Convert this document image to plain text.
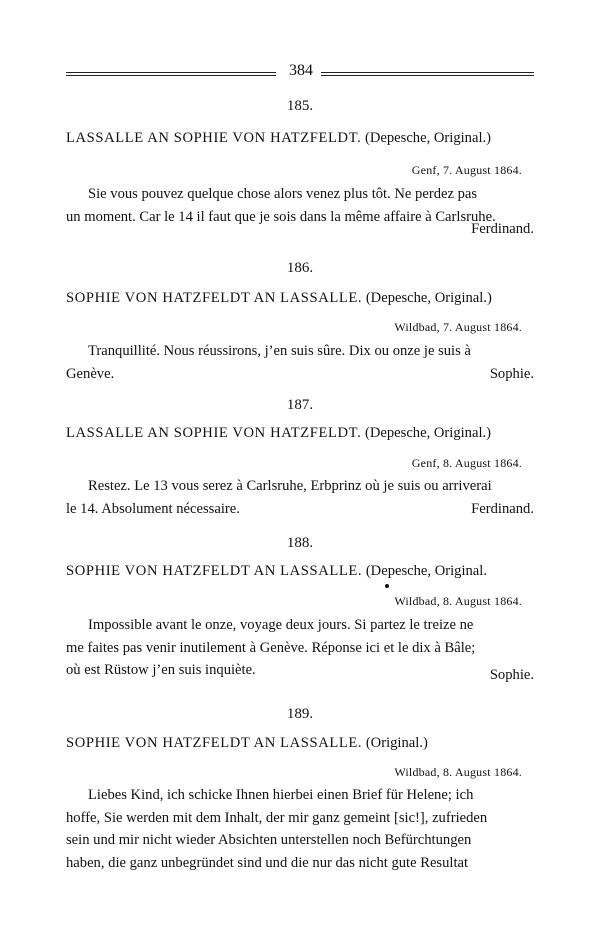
384
185.
LASSALLE AN SOPHIE VON HATZFELDT. (Depesche, Original.)
Genf, 7. August 1864.
Sie vous pouvez quelque chose alors venez plus tôt. Ne perdez pas
un moment. Car le 14 il faut que je sois dans la même affaire à Carlsruhe.
Ferdinand.
186.
SOPHIE VON HATZFELDT AN LASSALLE. (Depesche, Original.)
Wildbad, 7. August 1864.
Tranquillité. Nous réussirons, j’en suis sûre. Dix ou onze je suis à
Genève.	Sophie.
187.
LASSALLE AN SOPHIE VON HATZFELDT. (Depesche, Original.)
Genf, 8. August 1864.
Restez. Le 13 vous serez à Carlsruhe, Erbprinz où je suis ou arriverai
le 14. Absolument nécessaire.	Ferdinand.
188.
SOPHIE VON HATZFELDT AN LASSALLE. (Depesche, Original.
Wildbad, 8. August 1864.
Impossible avant le onze, voyage deux jours. Si partez le treize ne
me faites pas venir inutilement à Genève. Réponse ici et le dix à Bâle;
où est Rüstow j’en suis inquiète.	Sophie.
189.
SOPHIE VON HATZFELDT AN LASSALLE. (Original.)
Wildbad, 8. August 1864.
Liebes Kind, ich schicke Ihnen hierbei einen Brief für Helene; ich
hoffe, Sie werden mit dem Inhalt, der mir ganz gemeint [sic!], zufrieden
sein und mir nicht wieder Absichten unterstellen noch Befürchtungen
haben, die ganz unbegründet sind und die nur das nicht gute Resultat
